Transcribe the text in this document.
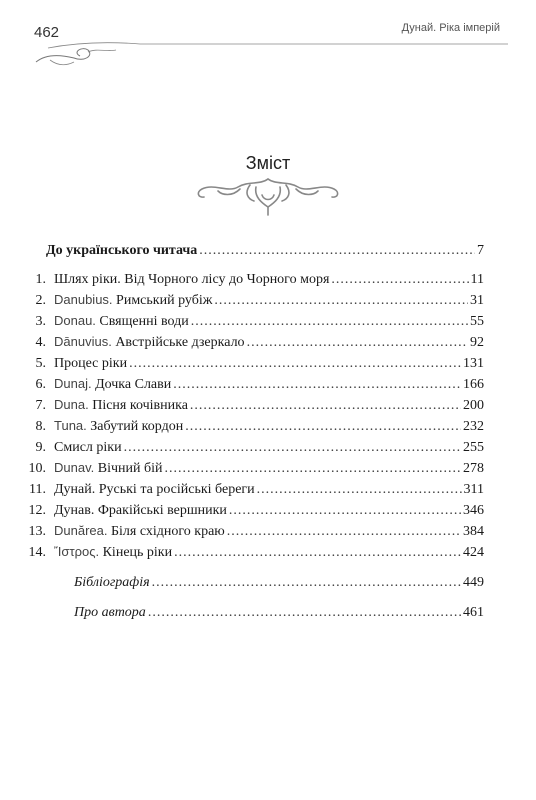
462	Дунай. Ріка імперій
Зміст
До українського читача .....	7
1. Шлях ріки. Від Чорного лісу до Чорного моря .....	11
2. Danubius. Римський рубіж .....	31
3. Donau. Священні води .....	55
4. Dānuvius. Австрійське дзеркало .....	92
5. Процес ріки .....	131
6. Dunaj. Дочка Слави .....	166
7. Duna. Пісня кочівника .....	200
8. Tuna. Забутий кордон .....	232
9. Смисл ріки .....	255
10. Dunav. Вічний бій .....	278
11. Дунай. Руські та російські береги .....	311
12. Дунав. Фракійські вершники .....	346
13. Dunărea. Біля східного краю .....	384
14. Ἴστρος. Кінець ріки .....	424
Бібліографія .....	449
Про автора .....	461
